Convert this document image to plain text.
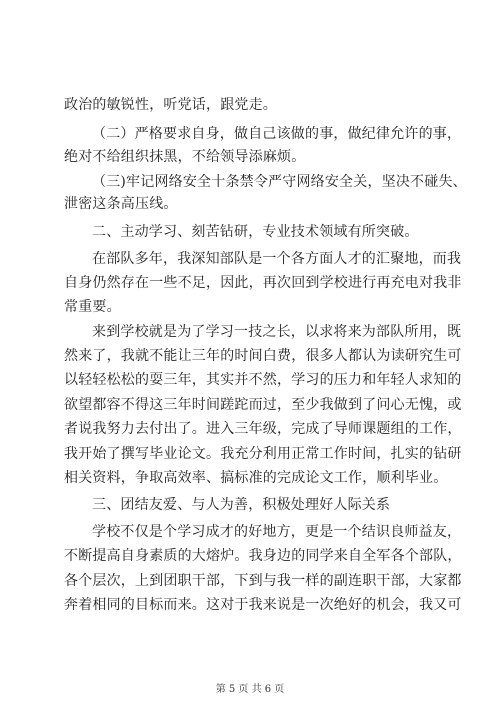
政治的敏锐性，听党话，跟党走。
（二）严格要求自身，做自己该做的事，做纪律允许的事，
绝对不给组织抹黑，不给领导添麻烦。
（三)牢记网络安全十条禁令严守网络安全关，坚决不碰失、
泄密这条高压线。
二、主动学习、刻苦钻研，专业技术领域有所突破。
在部队多年，我深知部队是一个各方面人才的汇聚地，而我
自身仍然存在一些不足，因此，再次回到学校进行再充电对我非
常重要。
来到学校就是为了学习一技之长，以求将来为部队所用，既
然来了，我就不能让三年的时间白费，很多人都认为读研究生可
以轻轻松松的耍三年，其实并不然，学习的压力和年轻人求知的
欲望都容不得这三年时间蹉跎而过，至少我做到了问心无愧，或
者说我努力去付出了。进入三年级，完成了导师课题组的工作，
我开始了撰写毕业论文。我充分利用正常工作时间，扎实的钻研
相关资料，争取高效率、搞标准的完成论文工作，顺利毕业。
三、团结友爱、与人为善，积极处理好人际关系
学校不仅是个学习成才的好地方，更是一个结识良师益友，
不断提高自身素质的大熔炉。我身边的同学来自全军各个部队，
各个层次，上到团职干部，下到与我一样的副连职干部，大家都
奔着相同的目标而来。这对于我来说是一次绝好的机会，我又可
第 5 页 共 6 页
